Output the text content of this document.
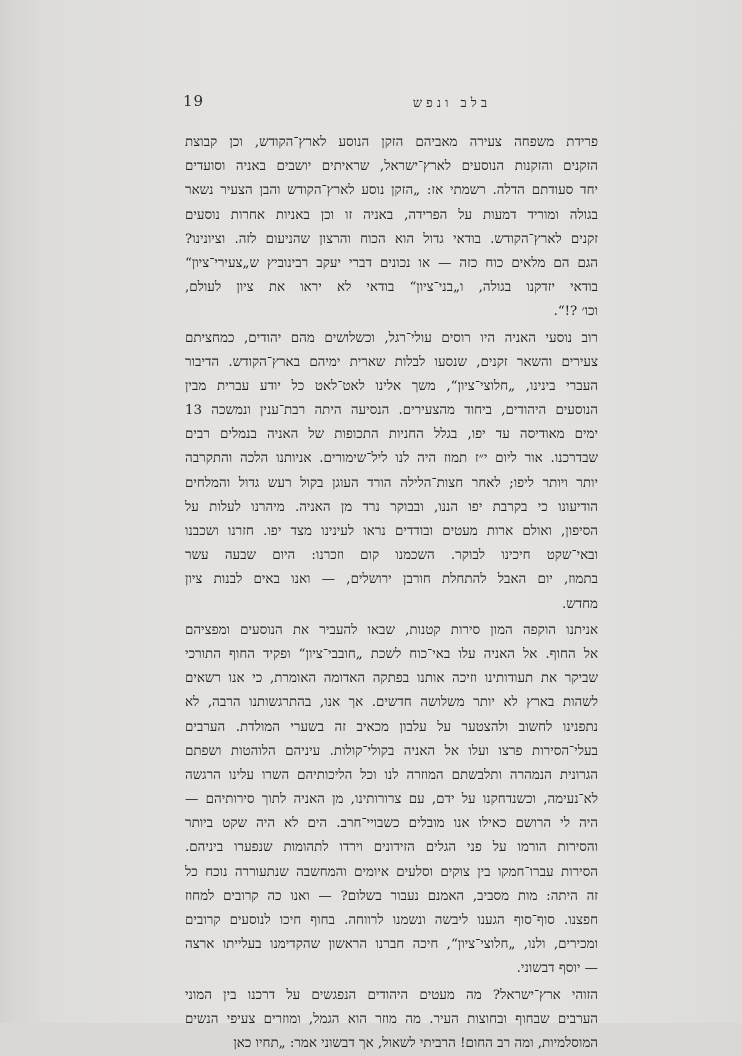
19	בלב ונפש
פרידת משפחה צעירה מאביהם הזקן הנוסע לארץ־הקודש, וכן קבוצת
הזקנים והזקנות הנוסעים לארץ־ישראל, שראיתים יושבים באניה וסועדים
יחד סעודתם הדלה. רשמתי אז: „הזקן נוסע לארץ־הקודש והבן הצעיר נשאר
בגולה ומוריד דמעות על הפרידה, באניה זו וכן באניות אחרות נוסעים
זקנים לארץ־הקודש. בודאי גדול הוא הכוח והרצון שהניעום לזה. וציונינו?
הגם הם מלאים כוח כזה — או נכונים דברי יעקב רבינוביץ ש„צעירי־ציון“
בודאי יזדקנו בגולה, ו„בני־ציון“ בודאי לא יראו את ציון לעולם,
וכו׳ ?!“.
רוב נוסעי האניה היו רוסים עולי־רגל, וכשלושים מהם יהודים, כמחציתם
צעירים והשאר זקנים, שנסעו לבלות שארית ימיהם בארץ־הקודש. הדיבור
העברי בינינו, „חלוצי־ציון“, משך אלינו לאט־לאט כל יודע עברית מבין
הנוסעים היהודים, ביחוד מהצעירים. הנסיעה היתה רבת־ענין ונמשכה 13
ימים מאודיסה עד יפו, בגלל החניות התכופות של האניה בנמלים רבים
שבדרכנו. אור ליום י״ז תמוז היה לנו ליל־שימורים. אניותנו הלכה והתקרבה
יותר ויותר ליפו; לאחר חצות־הלילה הורד העוגן בקול רעש גדול והמלחים
הודיעונו כי בקרבת יפו הננו, ובבוקר נרד מן האניה. מיהרנו לעלות על
הסיפון, ואולם ארות מעטים ובודדים נראו לעינינו מצד יפו. חזרנו ושכבנו
ובאי־שקט חיכינו לבוקר. השכמנו קום וזכרנו: היום שבעה עשר
בתמוז, יום האבל להתחלת חורבן ירושלים, — ואנו באים לבנות ציון
מחדש.
אניתנו הוקפה המון סירות קטנות, שבאו להעביר את הנוסעים ומפציהם
אל החוף. אל האניה עלו באי־כוח לשכת „חובבי־ציון“ ופקיד החוף התורכי
שביקר את תעודותינו וזיכה אותנו בפתקה האדומה האומרת, כי אנו רשאים
לשהות בארץ לא יותר משלושה חדשים. אך אנו, בהתרגשותנו הרבה, לא
נתפנינו לחשוב ולהצטער על עלבון מכאיב זה בשערי המולדת. הערבים
בעלי־הסירות פרצו ועלו אל האניה בקולי־קולות. עיניהם הלוהטות ושפתם
הגרונית הנמהרה ותלבשתם המוזרה לנו וכל הליכותיהם השרו עלינו הרגשה
לא־נעימה, וכשנדחקנו על ידם, עם צרורותינו, מן האניה לתוך סירותיהם —
היה לי הרושם כאילו אנו מובלים כשבויי־חרב. הים לא היה שקט ביותר
והסירות הורמו על פני הגלים הזידונים וירדו לתהומות שנפערו ביניהם.
הסירות עברו־חמקו בין צוקים וסלעים איומים והמחשבה שנתעוררה נוכח כל
זה היתה: מות מסביב, האמנם נעבור בשלום? — ואנו כה קרובים למחוז
חפצנו. סוף־סוף הגענו ליבשה ונשמנו לרווחה. בחוף חיכו לנוסעים קרובים
ומכירים, ולנו, „חלוצי־ציון“, חיכה חברנו הראשון שהקדימנו בעלייתו ארצה
— יוסף דבשוני.
הזוהי ארץ־ישראל? מה מעטים היהודים הנפגשים על דרכנו בין המוני
הערבים שבחוף ובחוצות העיר. מה מוזר הוא הגמל, ומוזרים צעיפי הנשים
המוסלמיות, ומה רב החום! הרביתי לשאול, אך דבשוני אמר: „תחיו כאן
